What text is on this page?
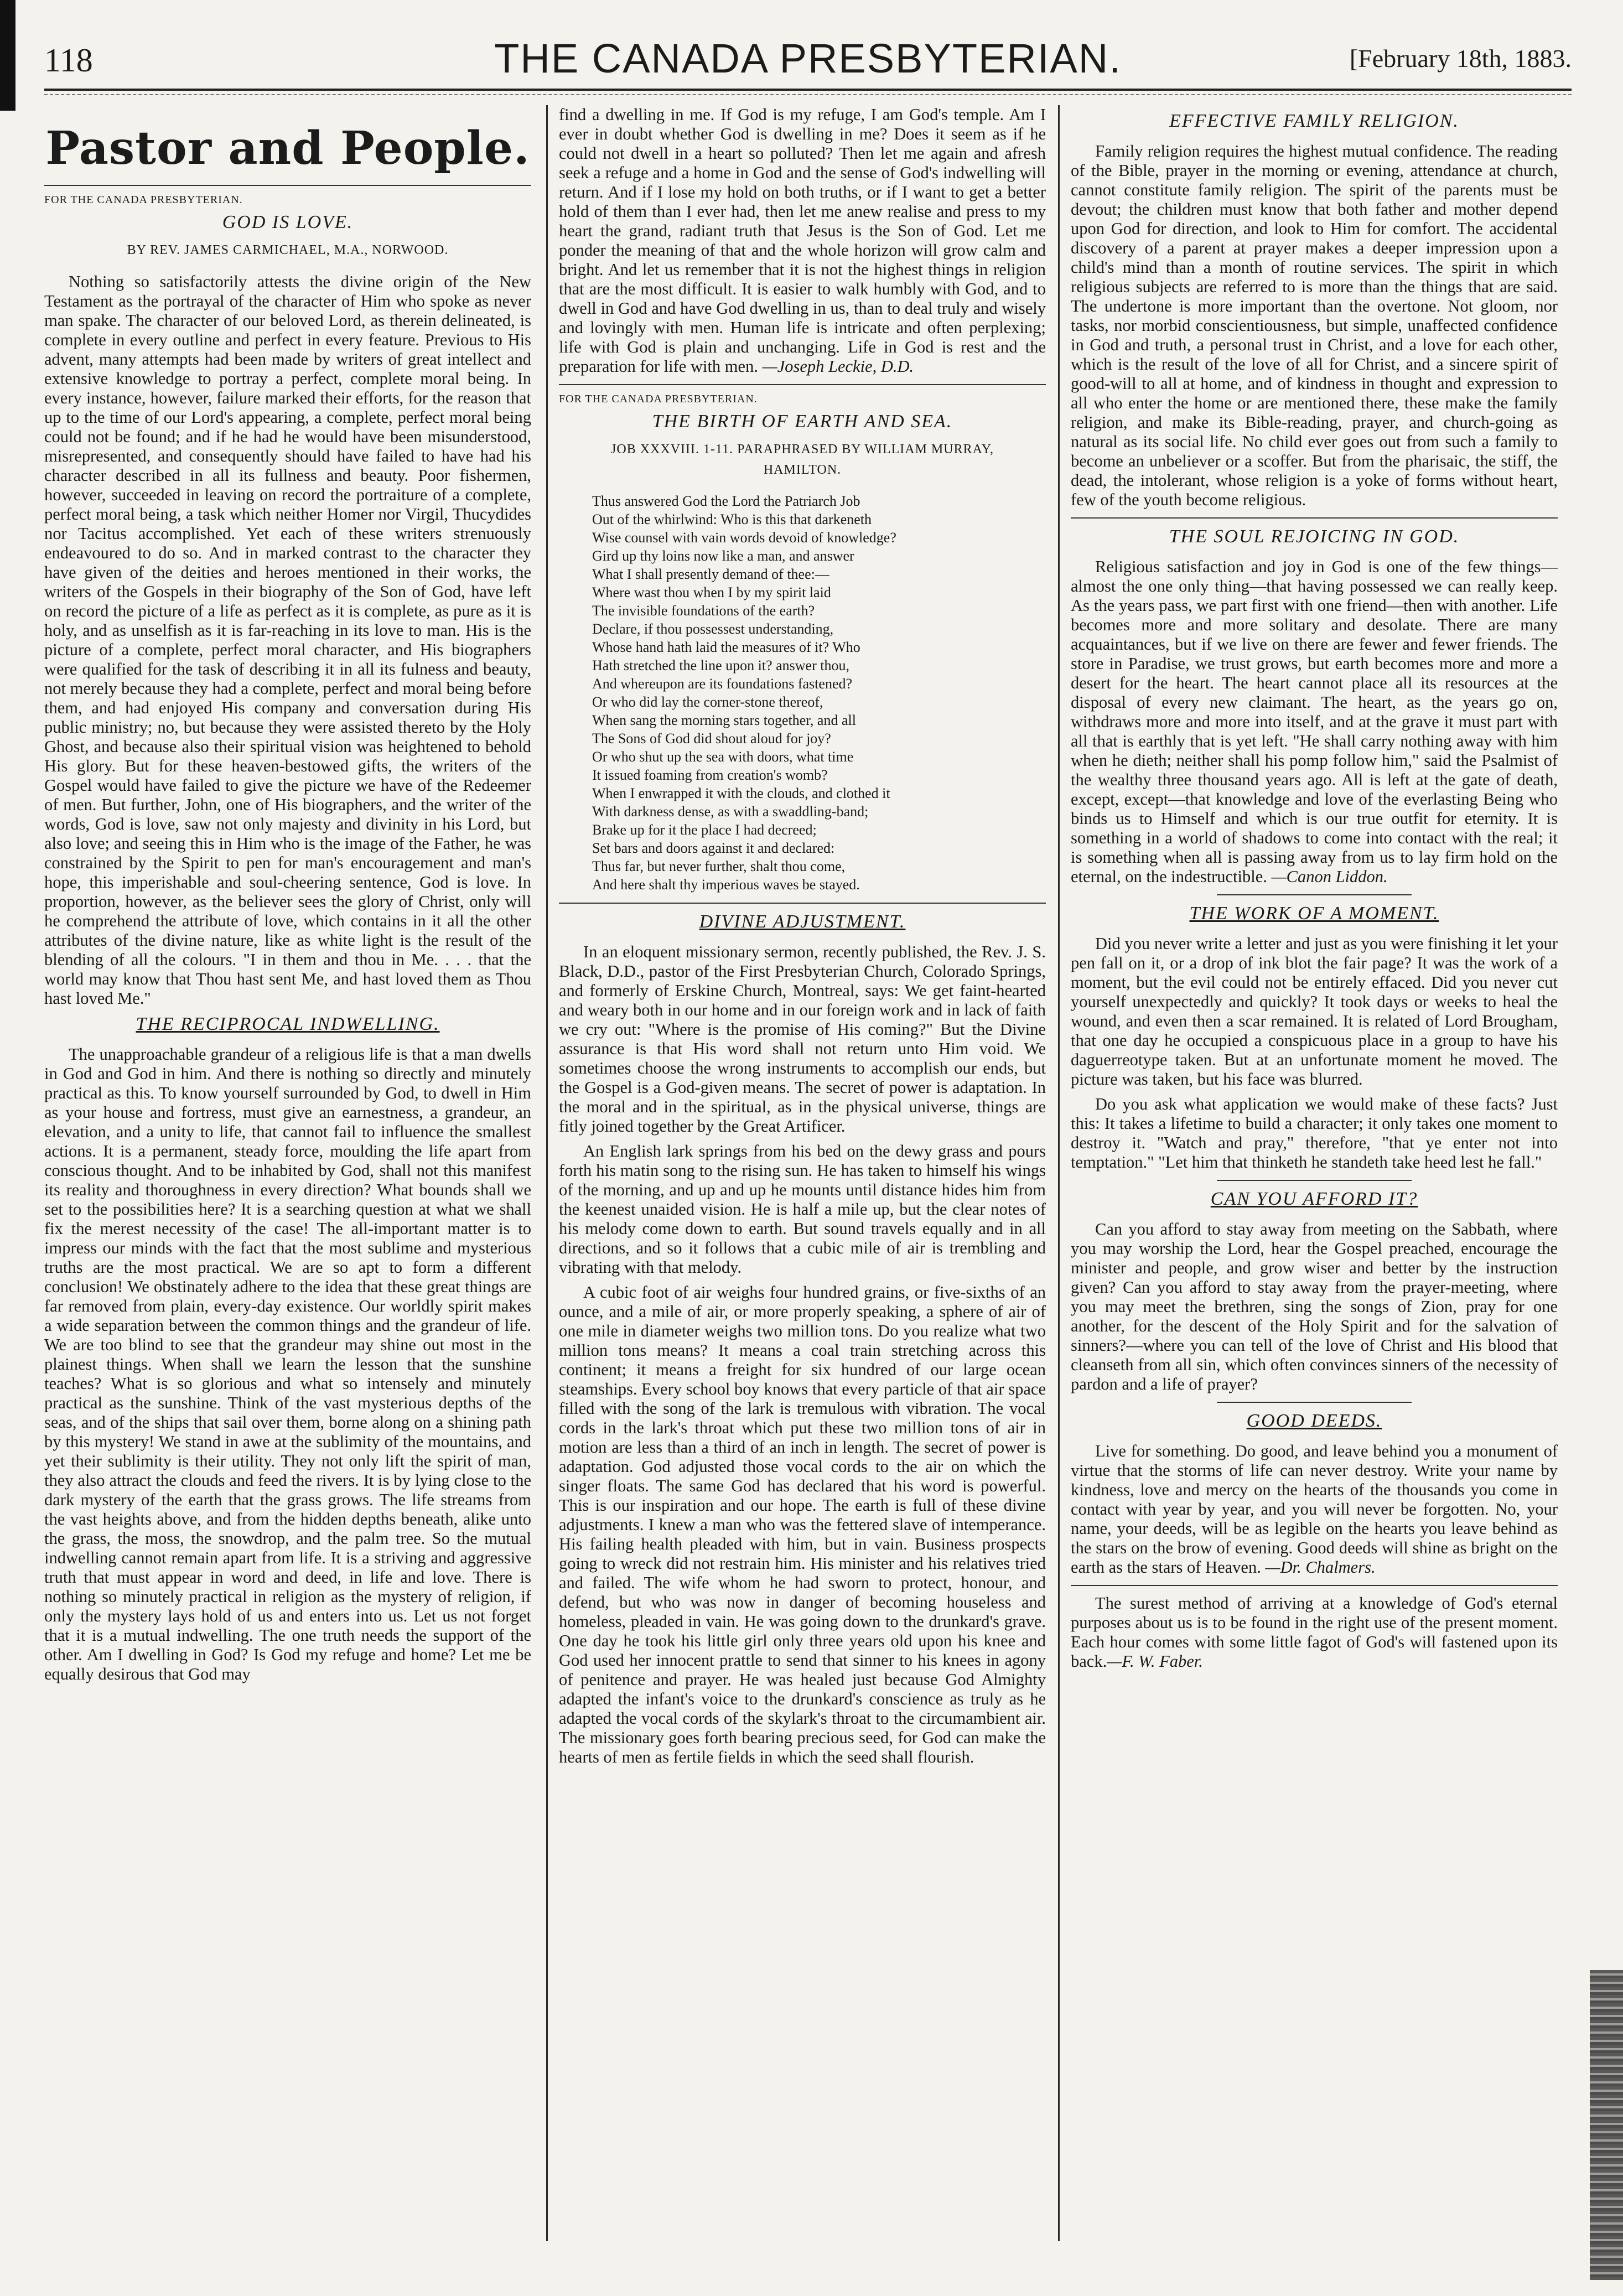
118	THE CANADA PRESBYTERIAN.	[February 18th, 1883.
Pastor and People.
FOR THE CANADA PRESBYTERIAN.
GOD IS LOVE.
BY REV. JAMES CARMICHAEL, M.A., NORWOOD.

Nothing so satisfactorily attests the divine origin of the New Testament as the portrayal of the character of Him who spoke as never man spake. The character of our beloved Lord, as therein delineated, is complete in every outline and perfect in every feature. Previous to His advent, many attempts had been made by writers of great intellect and extensive knowledge to portray a perfect, complete moral being. In every instance, however, failure marked their efforts, for the reason that up to the time of our Lord's appearing, a complete, perfect moral being could not be found; and if he had he would have been misunderstood, misrepresented, and consequently should have failed to have had his character described in all its fullness and beauty. Poor fishermen, however, succeeded in leaving on record the portraiture of a complete, perfect moral being, a task which neither Homer nor Virgil, Thucydides nor Tacitus accomplished. Yet each of these writers strenuously endeavoured to do so. And in marked contrast to the character they have given of the deities and heroes mentioned in their works, the writers of the Gospels in their biography of the Son of God, have left on record the picture of a life as perfect as it is complete, as pure as it is holy, and as unselfish as it is far-reaching in its love to man. His is the picture of a complete, perfect moral character, and His biographers were qualified for the task of describing it in all its fulness and beauty, not merely because they had a complete, perfect and moral being before them, and had enjoyed His company and conversation during His public ministry; no, but because they were assisted thereto by the Holy Ghost, and because also their spiritual vision was heightened to behold His glory. But for these heaven-bestowed gifts, the writers of the Gospel would have failed to give the picture we have of the Redeemer of men. But further, John, one of His biographers, and the writer of the words, God is love, saw not only majesty and divinity in his Lord, but also love; and seeing this in Him who is the image of the Father, he was constrained by the Spirit to pen for man's encouragement and man's hope, this imperishable and soul-cheering sentence, God is love. In proportion, however, as the believer sees the glory of Christ, only will he comprehend the attribute of love, which contains in it all the other attributes of the divine nature, like as white light is the result of the blending of all the colours. "I in them and thou in Me. . . . that the world may know that Thou hast sent Me, and hast loved them as Thou hast loved Me."

THE RECIPROCAL INDWELLING.

The unapproachable grandeur of a religious life is that a man dwells in God and God in him. And there is nothing so directly and minutely practical as this. To know yourself surrounded by God, to dwell in Him as your house and fortress, must give an earnestness, a grandeur, an elevation, and a unity to life, that cannot fail to influence the smallest actions. It is a permanent, steady force, moulding the life apart from conscious thought. And to be inhabited by God, shall not this manifest its reality and thoroughness in every direction? What bounds shall we set to the possibilities here? It is a searching question at what we shall fix the merest necessity of the case! The all-important matter is to impress our minds with the fact that the most sublime and mysterious truths are the most practical. We are so apt to form a different conclusion! We obstinately adhere to the idea that these great things are far removed from plain, every-day existence. Our worldly spirit makes a wide separation between the common things and the grandeur of life. We are too blind to see that the grandeur may shine out most in the plainest things. When shall we learn the lesson that the sunshine teaches? What is so glorious and what so intensely and minutely practical as the sunshine. Think of the vast mysterious depths of the seas, and of the ships that sail over them, borne along on a shining path by this mystery! We stand in awe at the sublimity of the mountains, and yet their sublimity is their utility. They not only lift the spirit of man, they also attract the clouds and feed the rivers. It is by lying close to the dark mystery of the earth that the grass grows. The life streams from the vast heights above, and from the hidden depths beneath, alike unto the grass, the moss, the snowdrop, and the palm tree. So the mutual indwelling cannot remain apart from life. It is a striving and aggressive truth that must appear in word and deed, in life and love. There is nothing so minutely practical in religion as the mystery of religion, if only the mystery lays hold of us and enters into us. Let us not forget that it is a mutual indwelling. The one truth needs the support of the other. Am I dwelling in God? Is God my refuge and home? Let me be equally desirous that God may

find a dwelling in me. If God is my refuge, I am God's temple. Am I ever in doubt whether God is dwelling in me? Does it seem as if he could not dwell in a heart so polluted? Then let me again and afresh seek a refuge and a home in God and the sense of God's indwelling will return. And if I lose my hold on both truths, or if I want to get a better hold of them than I ever had, then let me anew realise and press to my heart the grand, radiant truth that Jesus is the Son of God. Let me ponder the meaning of that and the whole horizon will grow calm and bright. And let us remember that it is not the highest things in religion that are the most difficult. It is easier to walk humbly with God, and to dwell in God and have God dwelling in us, than to deal truly and wisely and lovingly with men. Human life is intricate and often perplexing; life with God is plain and unchanging. Life in God is rest and the preparation for life with men. —Joseph Leckie, D.D.

FOR THE CANADA PRESBYTERIAN.
THE BIRTH OF EARTH AND SEA.
JOB XXXVIII. 1-11. PARAPHRASED BY WILLIAM MURRAY,
HAMILTON.
Thus answered God the Lord the Patriarch Job
Out of the whirlwind: Who is this that darkeneth
Wise counsel with vain words devoid of knowledge?
Gird up thy loins now like a man, and answer
What I shall presently demand of thee:—
Where wast thou when I by my spirit laid
The invisible foundations of the earth?
Declare, if thou possessest understanding,
Whose hand hath laid the measures of it? Who
Hath stretched the line upon it? answer thou,
And whereupon are its foundations fastened?
Or who did lay the corner-stone thereof,
When sang the morning stars together, and all
The Sons of God did shout aloud for joy?
Or who shut up the sea with doors, what time
It issued foaming from creation's womb?
When I enwrapped it with the clouds, and clothed it
With darkness dense, as with a swaddling-band;
Brake up for it the place I had decreed;
Set bars and doors against it and declared:
Thus far, but never further, shalt thou come,
And here shalt thy imperious waves be stayed.
DIVINE ADJUSTMENT.

In an eloquent missionary sermon, recently published, the Rev. J. S. Black, D.D., pastor of the First Presbyterian Church, Colorado Springs, and formerly of Erskine Church, Montreal, says: We get faint-hearted and weary both in our home and in our foreign work and in lack of faith we cry out: "Where is the promise of His coming?" But the Divine assurance is that His word shall not return unto Him void. We sometimes choose the wrong instruments to accomplish our ends, but the Gospel is a God-given means. The secret of power is adaptation. In the moral and in the spiritual, as in the physical universe, things are fitly joined together by the Great Artificer.

An English lark springs from his bed on the dewy grass and pours forth his matin song to the rising sun. He has taken to himself his wings of the morning, and up and up he mounts until distance hides him from the keenest unaided vision. He is half a mile up, but the clear notes of his melody come down to earth. But sound travels equally and in all directions, and so it follows that a cubic mile of air is trembling and vibrating with that melody.

A cubic foot of air weighs four hundred grains, or five-sixths of an ounce, and a mile of air, or more properly speaking, a sphere of air of one mile in diameter weighs two million tons. Do you realize what two million tons means? It means a coal train stretching across this continent; it means a freight for six hundred of our large ocean steamships. Every school boy knows that every particle of that air space filled with the song of the lark is tremulous with vibration. The vocal cords in the lark's throat which put these two million tons of air in motion are less than a third of an inch in length. The secret of power is adaptation. God adjusted those vocal cords to the air on which the singer floats. The same God has declared that his word is powerful. This is our inspiration and our hope. The earth is full of these divine adjustments. I knew a man who was the fettered slave of intemperance. His failing health pleaded with him, but in vain. Business prospects going to wreck did not restrain him. His minister and his relatives tried and failed. The wife whom he had sworn to protect, honour, and defend, but who was now in danger of becoming houseless and homeless, pleaded in vain. He was going down to the drunkard's grave. One day he took his little girl only three years old upon his knee and God used her innocent prattle to send that sinner to his knees in agony of penitence and prayer. He was healed just because God Almighty adapted the infant's voice to the drunkard's conscience as truly as he adapted the vocal cords of the skylark's throat to the circumambient air. The missionary goes forth bearing precious seed, for God can make the hearts of men as fertile fields in which the seed shall flourish.

EFFECTIVE FAMILY RELIGION.

Family religion requires the highest mutual confidence. The reading of the Bible, prayer in the morning or evening, attendance at church, cannot constitute family religion. The spirit of the parents must be devout; the children must know that both father and mother depend upon God for direction, and look to Him for comfort. The accidental discovery of a parent at prayer makes a deeper impression upon a child's mind than a month of routine services. The spirit in which religious subjects are referred to is more than the things that are said. The undertone is more important than the overtone. Not gloom, nor tasks, nor morbid conscientiousness, but simple, unaffected confidence in God and truth, a personal trust in Christ, and a love for each other, which is the result of the love of all for Christ, and a sincere spirit of good-will to all at home, and of kindness in thought and expression to all who enter the home or are mentioned there, these make the family religion, and make its Bible-reading, prayer, and church-going as natural as its social life. No child ever goes out from such a family to become an unbeliever or a scoffer. But from the pharisaic, the stiff, the dead, the intolerant, whose religion is a yoke of forms without heart, few of the youth become religious.

THE SOUL REJOICING IN GOD.

Religious satisfaction and joy in God is one of the few things—almost the one only thing—that having possessed we can really keep. As the years pass, we part first with one friend—then with another. Life becomes more and more solitary and desolate. There are many acquaintances, but if we live on there are fewer and fewer friends. The store in Paradise, we trust grows, but earth becomes more and more a desert for the heart. The heart cannot place all its resources at the disposal of every new claimant. The heart, as the years go on, withdraws more and more into itself, and at the grave it must part with all that is earthly that is yet left. "He shall carry nothing away with him when he dieth; neither shall his pomp follow him," said the Psalmist of the wealthy three thousand years ago. All is left at the gate of death, except, except—that knowledge and love of the everlasting Being who binds us to Himself and which is our true outfit for eternity. It is something in a world of shadows to come into contact with the real; it is something when all is passing away from us to lay firm hold on the eternal, on the indestructible. —Canon Liddon.

THE WORK OF A MOMENT.

Did you never write a letter and just as you were finishing it let your pen fall on it, or a drop of ink blot the fair page? It was the work of a moment, but the evil could not be entirely effaced. Did you never cut yourself unexpectedly and quickly? It took days or weeks to heal the wound, and even then a scar remained. It is related of Lord Brougham, that one day he occupied a conspicuous place in a group to have his daguerreotype taken. But at an unfortunate moment he moved. The picture was taken, but his face was blurred.

Do you ask what application we would make of these facts? Just this: It takes a lifetime to build a character; it only takes one moment to destroy it. "Watch and pray," therefore, "that ye enter not into temptation." "Let him that thinketh he standeth take heed lest he fall."

CAN YOU AFFORD IT?

Can you afford to stay away from meeting on the Sabbath, where you may worship the Lord, hear the Gospel preached, encourage the minister and people, and grow wiser and better by the instruction given? Can you afford to stay away from the prayer-meeting, where you may meet the brethren, sing the songs of Zion, pray for one another, for the descent of the Holy Spirit and for the salvation of sinners?—where you can tell of the love of Christ and His blood that cleanseth from all sin, which often convinces sinners of the necessity of pardon and a life of prayer?

GOOD DEEDS.

Live for something. Do good, and leave behind you a monument of virtue that the storms of life can never destroy. Write your name by kindness, love and mercy on the hearts of the thousands you come in contact with year by year, and you will never be forgotten. No, your name, your deeds, will be as legible on the hearts you leave behind as the stars on the brow of evening. Good deeds will shine as bright on the earth as the stars of Heaven. —Dr. Chalmers.

The surest method of arriving at a knowledge of God's eternal purposes about us is to be found in the right use of the present moment. Each hour comes with some little fagot of God's will fastened upon its back.—F. W. Faber.
